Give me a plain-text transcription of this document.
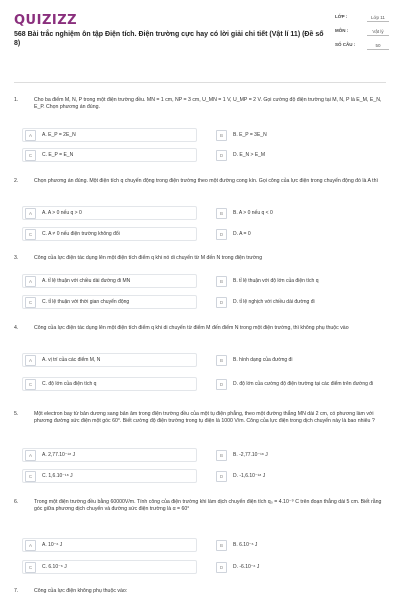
QUIZIZZ
568 Bài trắc nghiệm ôn tập Điện tích. Điện trường cực hay có lời giải chi tiết (Vật lí 11) (Đề số 8)
LỚP :	Lớp 11
MÔN :	Vật lý
SỐ CÂU :	50
1.	Cho ba điểm M, N, P trong một điện trường đều. MN = 1 cm, NP = 3 cm, U_MN = 1 V, U_MP = 2 V. Gọi cường độ điện trường tại M, N, P là E_M, E_N, E_P. Chọn phương án đúng.
A	A. E_P = 2E_N	B	B. E_P = 3E_N
C	C. E_P = E_N	D	D. E_N > E_M
2.	Chọn phương án đúng. Một điện tích q chuyển động trong điện trường theo một đường cong kín. Gọi công của lực điện trong chuyển động đó là A thì
A	A. A > 0 nếu q > 0	B	B. A > 0 nếu q < 0
C	C. A ≠ 0 nếu điện trường không đổi	D	D. A = 0
3.	Công của lực điện tác dụng lên một điện tích điểm q khi nó di chuyển từ M đến N trong điện trường
A	A. tỉ lệ thuận với chiều dài đường đi MN	B	B. tỉ lệ thuận với độ lớn của điện tích q
C	C. tỉ lệ thuận với thời gian chuyển động	D	D. tỉ lệ nghịch với chiều dài đường đi
4.	Công của lực điện tác dụng lên một điện tích điểm q khi di chuyển từ điểm M đến điểm N trong một điện trường, thì không phụ thuộc vào
A	A. vị trí của các điểm M, N	B	B. hình dạng của đường đi
C	C. độ lớn của điện tích q	D	D. độ lớn của cường độ điện trường tại các điểm trên đường đi
5.	Một electron bay từ bản dương sang bản âm trong điện trường đều của một tụ điện phẳng, theo một đường thẳng MN dài 2 cm, có phương làm với phương đường sức điện một góc 60°. Biết cường độ điện trường trong tụ điện là 1000 V/m. Công của lực điện trong dịch chuyển này là bao nhiêu ?
A	A. 2,77.10⁻¹⁸ J	B	B. -2,77.10⁻¹⁸ J
C	C. 1,6.10⁻¹⁸ J	D	D. -1,6.10⁻¹⁸ J
6.	Trong một điện trường đều bằng 60000V/m. Tính công của điện trường khi làm dịch chuyển điện tích q₀ = 4.10⁻⁹ C trên đoạn thẳng dài 5 cm. Biết rằng góc giữa phương dịch chuyển và đường sức điện trường là α = 60°
A	A. 10⁻⁶ J	B	B. 6.10⁻⁶ J
C	C. 6.10⁻⁶ J	D	D. -6.10⁻⁶ J
7.	Công của lực điện không phụ thuộc vào:
